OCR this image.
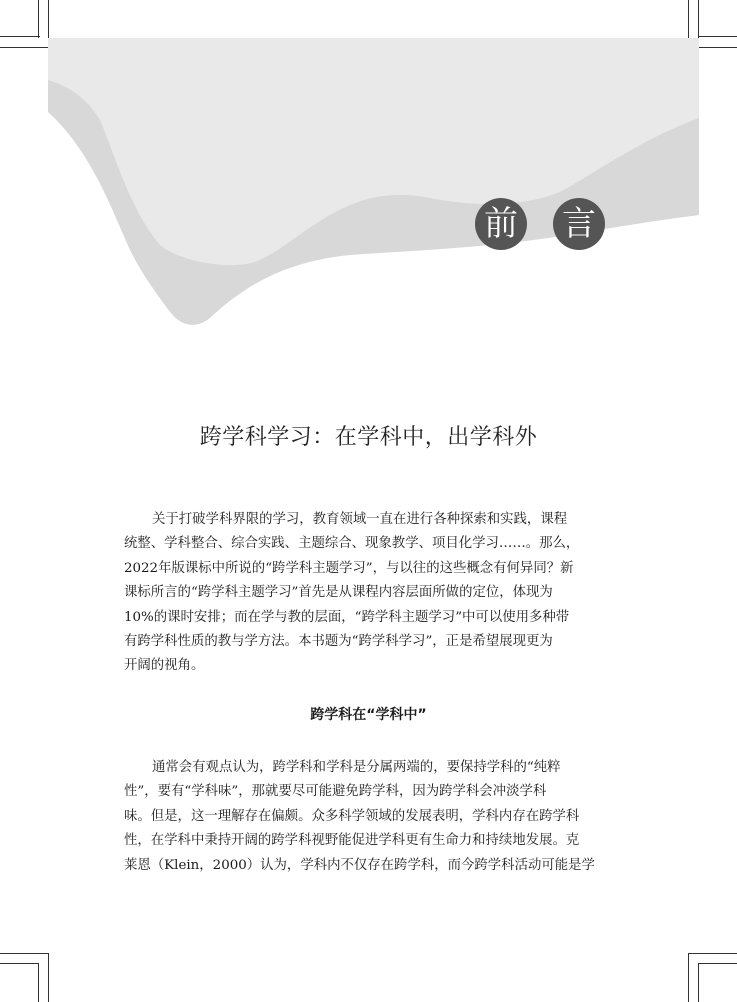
前 言
跨学科学习：在学科中，出学科外

关于打破学科界限的学习，教育领域一直在进行各种探索和实践，课程
统整、学科整合、综合实践、主题综合、现象教学、项目化学习……。那么，
2022年版课标中所说的“跨学科主题学习”，与以往的这些概念有何异同？新
课标所言的“跨学科主题学习”首先是从课程内容层面所做的定位，体现为
10%的课时安排；而在学与教的层面，“跨学科主题学习”中可以使用多种带
有跨学科性质的教与学方法。本书题为“跨学科学习”，正是希望展现更为
开阔的视角。

跨学科在“学科中”

通常会有观点认为，跨学科和学科是分属两端的，要保持学科的“纯粹
性”，要有“学科味”，那就要尽可能避免跨学科，因为跨学科会冲淡学科
味。但是，这一理解存在偏颇。众多科学领域的发展表明，学科内存在跨学科
性，在学科中秉持开阔的跨学科视野能促进学科更有生命力和持续地发展。克
莱恩（Klein，2000）认为，学科内不仅存在跨学科，而今跨学科活动可能是学
